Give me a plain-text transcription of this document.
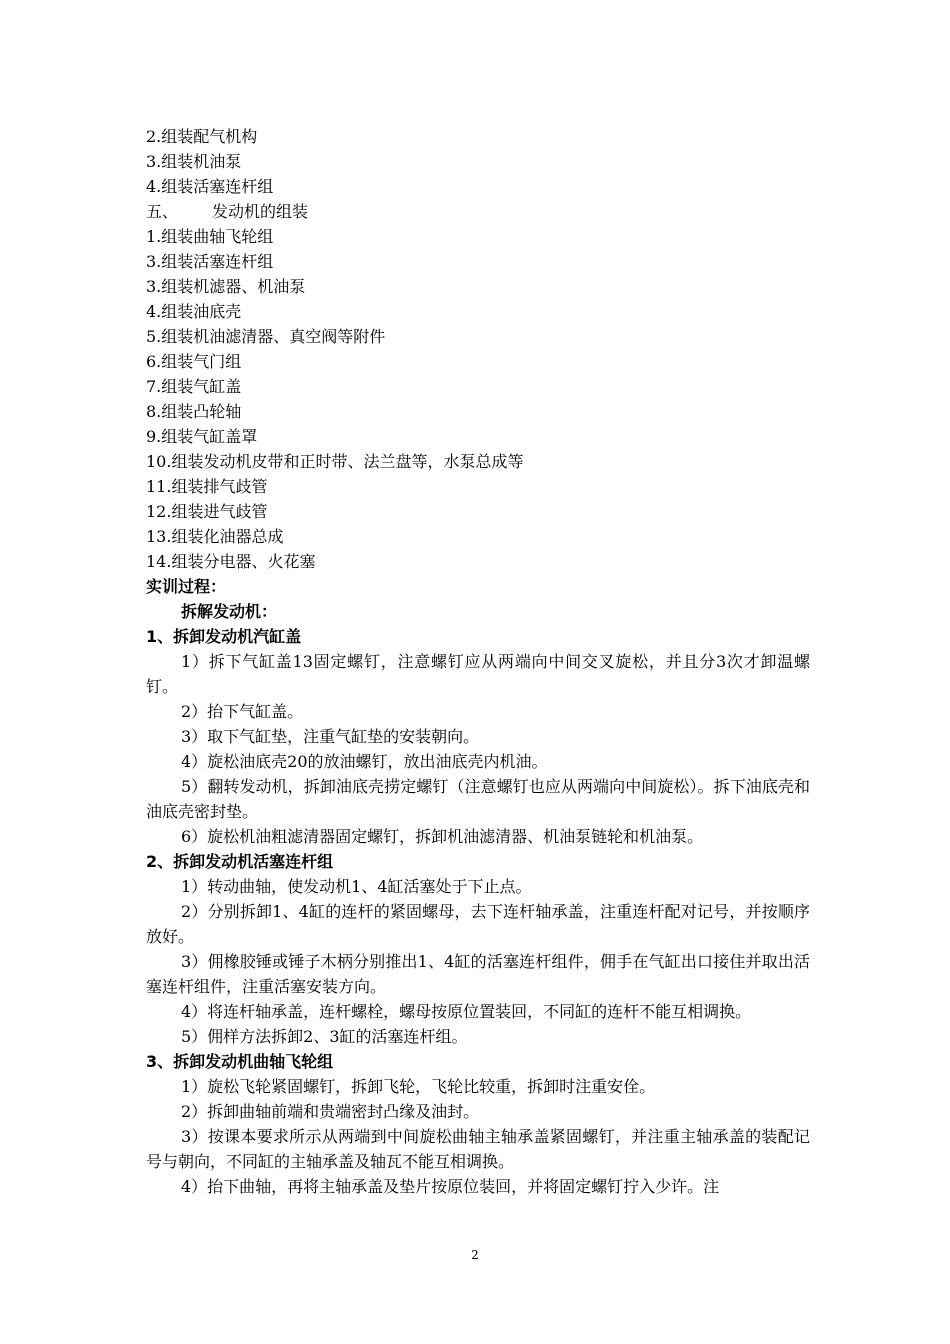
2.组装配气机构
3.组装机油泵
4.组装活塞连杆组
五、 发动机的组装
1.组装曲轴飞轮组
3.组装活塞连杆组
3.组装机滤器、机油泵
4.组装油底壳
5.组装机油滤清器、真空阀等附件
6.组装气门组
7.组装气缸盖
8.组装凸轮轴
9.组装气缸盖罩
10.组装发动机皮带和正时带、法兰盘等，水泵总成等
11.组装排气歧管
12.组装进气歧管
13.组装化油器总成
14.组装分电器、火花塞
实训过程：
拆解发动机：
1、拆卸发动机汽缸盖

1）拆下气缸盖13固定螺钉，注意螺钉应从两端向中间交叉旋松，并且分3次才卸温螺钉。

2）抬下气缸盖。

3）取下气缸垫，注重气缸垫的安装朝向。

4）旋松油底壳20的放油螺钉，放出油底壳内机油。

5）翻转发动机，拆卸油底壳捞定螺钉（注意螺钉也应从两端向中间旋松）。拆下油底壳和油底壳密封垫。

6）旋松机油粗滤清器固定螺钉，拆卸机油滤清器、机油泵链轮和机油泵。

2、拆卸发动机活塞连杆组

1）转动曲轴，使发动机1、4缸活塞处于下止点。

2）分别拆卸1、4缸的连杆的紧固螺母，去下连杆轴承盖，注重连杆配对记号，并按顺序放好。

3）佣橡胶锤或锤子木柄分别推出1、4缸的活塞连杆组件，佣手在气缸出口接住并取出活塞连杆组件，注重活塞安装方向。

4）将连杆轴承盖，连杆螺栓，螺母按原位置装回，不同缸的连杆不能互相调换。

5）佣样方法拆卸2、3缸的活塞连杆组。

3、拆卸发动机曲轴飞轮组

1）旋松飞轮紧固螺钉，拆卸飞轮，飞轮比较重，拆卸时注重安佺。

2）拆卸曲轴前端和贵端密封凸缘及油封。

3）按课本要求所示从两端到中间旋松曲轴主轴承盖紧固螺钉，并注重主轴承盖的装配记号与朝向，不同缸的主轴承盖及轴瓦不能互相调换。

4）抬下曲轴，再将主轴承盖及垫片按原位装回，并将固定螺钉拧入少许。注

2
